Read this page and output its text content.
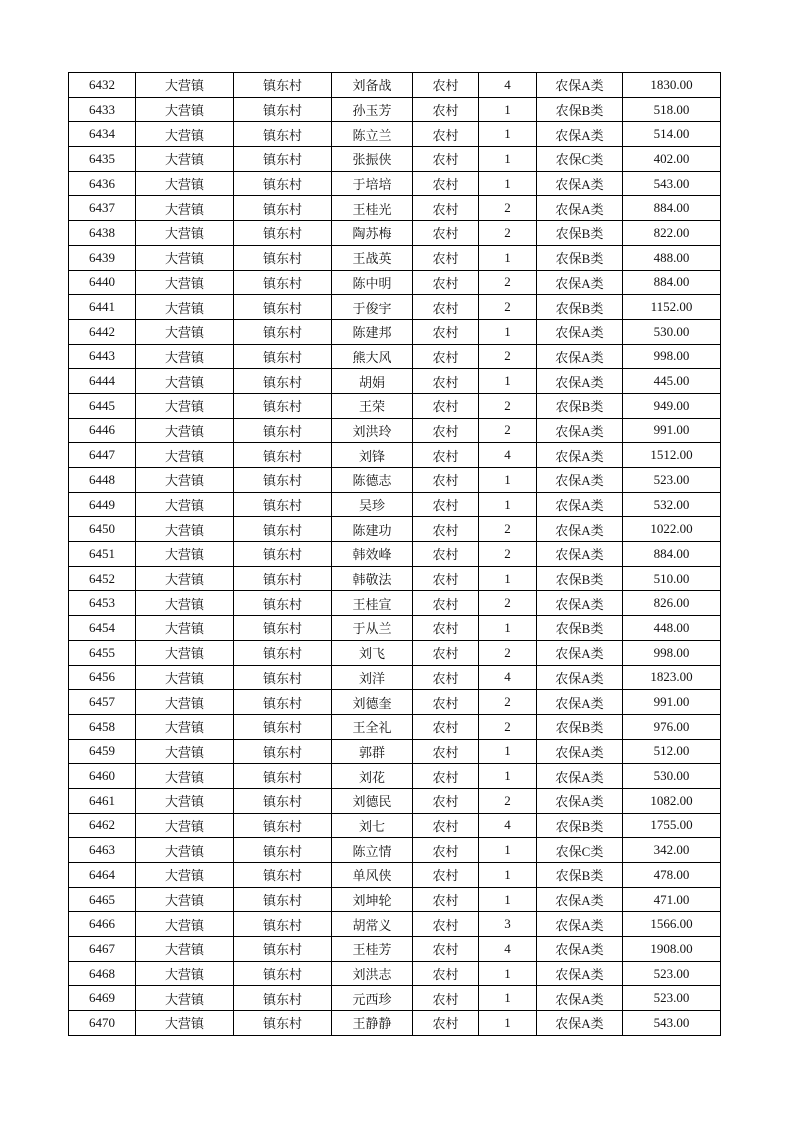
6432	大营镇	镇东村	刘备战	农村	4	农保A类	1830.00
6433	大营镇	镇东村	孙玉芳	农村	1	农保B类	518.00
6434	大营镇	镇东村	陈立兰	农村	1	农保A类	514.00
6435	大营镇	镇东村	张振侠	农村	1	农保C类	402.00
6436	大营镇	镇东村	于培培	农村	1	农保A类	543.00
6437	大营镇	镇东村	王桂光	农村	2	农保A类	884.00
6438	大营镇	镇东村	陶苏梅	农村	2	农保B类	822.00
6439	大营镇	镇东村	王战英	农村	1	农保B类	488.00
6440	大营镇	镇东村	陈中明	农村	2	农保A类	884.00
6441	大营镇	镇东村	于俊宇	农村	2	农保B类	1152.00
6442	大营镇	镇东村	陈建邦	农村	1	农保A类	530.00
6443	大营镇	镇东村	熊大风	农村	2	农保A类	998.00
6444	大营镇	镇东村	胡娟	农村	1	农保A类	445.00
6445	大营镇	镇东村	王荣	农村	2	农保B类	949.00
6446	大营镇	镇东村	刘洪玲	农村	2	农保A类	991.00
6447	大营镇	镇东村	刘锋	农村	4	农保A类	1512.00
6448	大营镇	镇东村	陈德志	农村	1	农保A类	523.00
6449	大营镇	镇东村	吴珍	农村	1	农保A类	532.00
6450	大营镇	镇东村	陈建功	农村	2	农保A类	1022.00
6451	大营镇	镇东村	韩效峰	农村	2	农保A类	884.00
6452	大营镇	镇东村	韩敬法	农村	1	农保B类	510.00
6453	大营镇	镇东村	王桂宣	农村	2	农保A类	826.00
6454	大营镇	镇东村	于从兰	农村	1	农保B类	448.00
6455	大营镇	镇东村	刘飞	农村	2	农保A类	998.00
6456	大营镇	镇东村	刘洋	农村	4	农保A类	1823.00
6457	大营镇	镇东村	刘德奎	农村	2	农保A类	991.00
6458	大营镇	镇东村	王全礼	农村	2	农保B类	976.00
6459	大营镇	镇东村	郭群	农村	1	农保A类	512.00
6460	大营镇	镇东村	刘花	农村	1	农保A类	530.00
6461	大营镇	镇东村	刘德民	农村	2	农保A类	1082.00
6462	大营镇	镇东村	刘七	农村	4	农保B类	1755.00
6463	大营镇	镇东村	陈立情	农村	1	农保C类	342.00
6464	大营镇	镇东村	单风侠	农村	1	农保B类	478.00
6465	大营镇	镇东村	刘坤轮	农村	1	农保A类	471.00
6466	大营镇	镇东村	胡常义	农村	3	农保A类	1566.00
6467	大营镇	镇东村	王桂芳	农村	4	农保A类	1908.00
6468	大营镇	镇东村	刘洪志	农村	1	农保A类	523.00
6469	大营镇	镇东村	元西珍	农村	1	农保A类	523.00
6470	大营镇	镇东村	王静静	农村	1	农保A类	543.00
